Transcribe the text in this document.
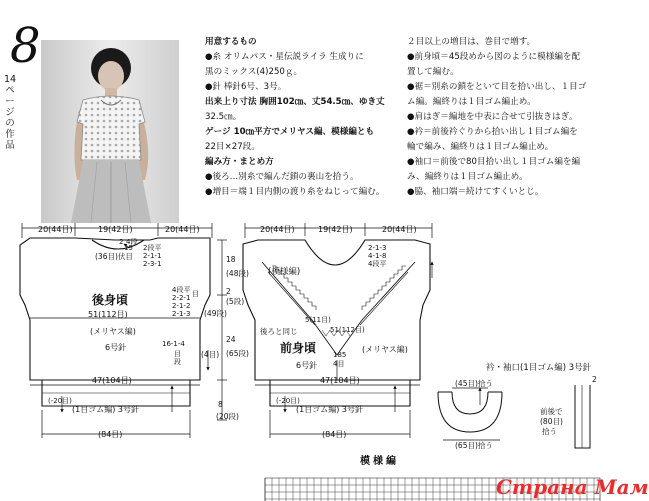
8
14ページの作品
用意するもの
●糸 オリムパス・星伝説ライラ 生成りに
黒のミックス(4)250ｇ。
●針 棒針6号、3号。
出来上り寸法 胸囲102㎝、丈54.5㎝、ゆき丈
32.5㎝。
ゲージ 10㎝平方でメリヤス編、模様編とも
22目×27段。
編み方・まとめ方
●後ろ…別糸で編んだ鎖の裏山を拾う。
●増目＝端１目内側の渡り糸をねじって編む。
２目以上の増目は、巻目で増す。
●前身頃＝45段めから図のように模様編を配
置して編む。
●裾＝別糸の鎖をといて目を拾い出し、１目ゴ
ム編。編終りは１目ゴム編止め。
●肩はぎ＝編地を中表に合せて引抜きはぎ。
●衿＝前後衿ぐりから拾い出し１目ゴム編を
輪で編み、編終りは１目ゴム編止め。
●袖口＝前後で80目拾い出し１目ゴム編を編
み、編終りは１目ゴム編止め。
●脇、袖口端＝続けてすくいとじ。
20(44目)	19(42目)	20(44目)
2 4段
15
(36目)伏目
2段平
2-1-1
2-3-1
後身頃
4段平
2-2-1
2-1-2
2-1-3
目
51(112目)
(メリヤス編)
6号針	16-1-4
目
段
47(104目)
(-20目)
(1目ゴム編) 3号針
(84目)
18
(48段)
2
(5段)
(49段)
24
(65段)
(4目)
8
(20段)
20(44目)	19(42目)	20(44目)
(模様編)
2-1-3
4-1-8
4段平
後ろと同じ
前身頃
5(11目)
51(112目)
185
4目
(メリヤス編)
6号針
47(104目)
(-20目)
(1目ゴム編) 3号針
(84目)
衿・袖口(1目ゴム編) 3号針
(45目)拾う
(65目)拾う
前後で
(80目)
拾う
2
模様編
Страна Мам
